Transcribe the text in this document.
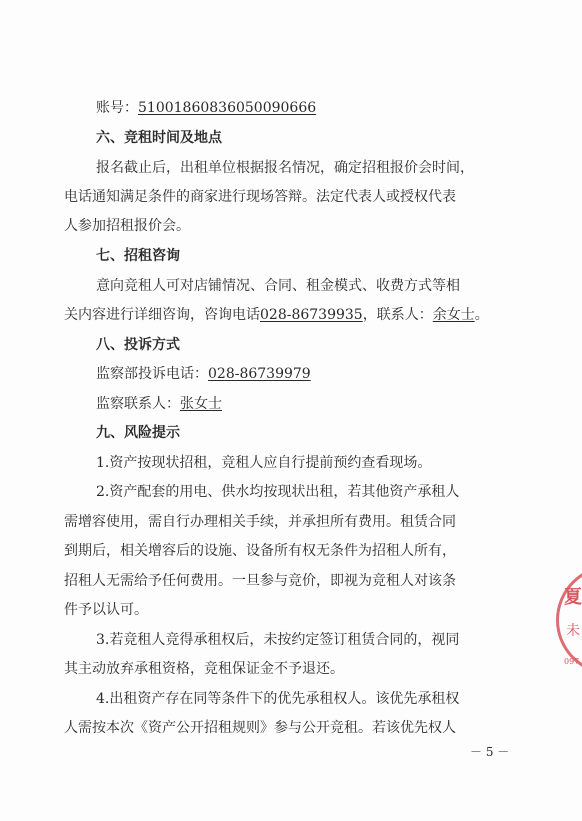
账号：51001860836050090666
六、竞租时间及地点
报名截止后，出租单位根据报名情况，确定招租报价会时间，
电话通知满足条件的商家进行现场答辩。法定代表人或授权代表
人参加招租报价会。
七、招租咨询
意向竞租人可对店铺情况、合同、租金模式、收费方式等相
关内容进行详细咨询，咨询电话028-86739935，联系人：余女士。
八、投诉方式
监察部投诉电话：028-86739979
监察联系人：张女士
九、风险提示
1.资产按现状招租，竞租人应自行提前预约查看现场。
2.资产配套的用电、供水均按现状出租，若其他资产承租人
需增容使用，需自行办理相关手续，并承担所有费用。租赁合同
到期后，相关增容后的设施、设备所有权无条件为招租人所有，
招租人无需给予任何费用。一旦参与竞价，即视为竞租人对该条
件予以认可。
3.若竞租人竞得承租权后，未按约定签订租赁合同的，视同
其主动放弃承租资格，竞租保证金不予退还。
4.出租资产存在同等条件下的优先承租权人。该优先承租权
人需按本次《资产公开招租规则》参与公开竞租。若该优先权人
－ 5 －
夏
未
097
